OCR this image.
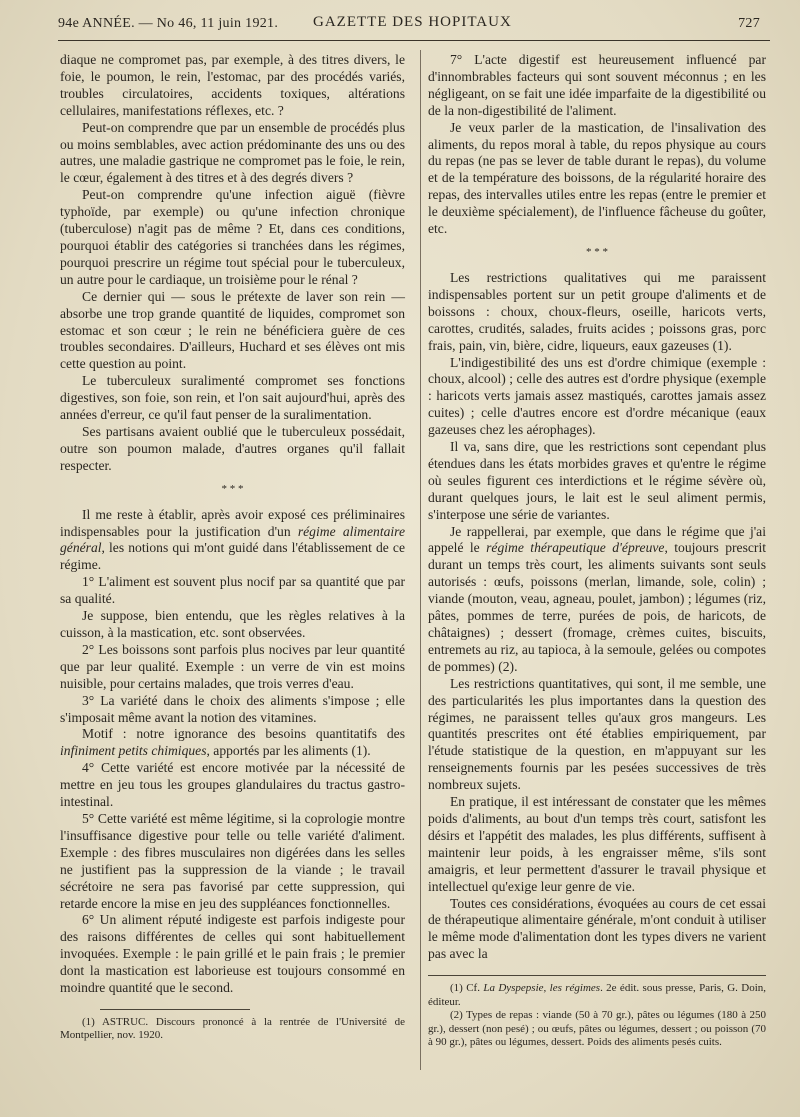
94e ANNÉE. — No 46, 11 juin 1921. GAZETTE DES HOPITAUX	727

diaque ne compromet pas, par exemple, à des titres divers, le foie, le poumon, le rein, l'estomac, par des procédés variés, troubles circulatoires, accidents toxiques, altérations cellulaires, manifestations réflexes, etc. ?

Peut-on comprendre que par un ensemble de procédés plus ou moins semblables, avec action prédominante des uns ou des autres, une maladie gastrique ne compromet pas le foie, le rein, le cœur, également à des titres et à des degrés divers ?

Peut-on comprendre qu'une infection aiguë (fièvre typhoïde, par exemple) ou qu'une infection chronique (tuberculose) n'agit pas de même ? Et, dans ces conditions, pourquoi établir des catégories si tranchées dans les régimes, pourquoi prescrire un régime tout spécial pour le tuberculeux, un autre pour le cardiaque, un troisième pour le rénal ?

Ce dernier qui — sous le prétexte de laver son rein — absorbe une trop grande quantité de liquides, compromet son estomac et son cœur ; le rein ne bénéficiera guère de ces troubles secondaires. D'ailleurs, Huchard et ses élèves ont mis cette question au point.

Le tuberculeux suralimenté compromet ses fonctions digestives, son foie, son rein, et l'on sait aujourd'hui, après des années d'erreur, ce qu'il faut penser de la suralimentation.

Ses partisans avaient oublié que le tuberculeux possédait, outre son poumon malade, d'autres organes qu'il fallait respecter.

* * *

Il me reste à établir, après avoir exposé ces préliminaires indispensables pour la justification d'un régime alimentaire général, les notions qui m'ont guidé dans l'établissement de ce régime.

1° L'aliment est souvent plus nocif par sa quantité que par sa qualité.

Je suppose, bien entendu, que les règles relatives à la cuisson, à la mastication, etc. sont observées.

2° Les boissons sont parfois plus nocives par leur quantité que par leur qualité. Exemple : un verre de vin est moins nuisible, pour certains malades, que trois verres d'eau.

3° La variété dans le choix des aliments s'impose ; elle s'imposait même avant la notion des vitamines.

Motif : notre ignorance des besoins quantitatifs des infiniment petits chimiques, apportés par les aliments (1).

4° Cette variété est encore motivée par la nécessité de mettre en jeu tous les groupes glandulaires du tractus gastro-intestinal.

5° Cette variété est même légitime, si la coprologie montre l'insuffisance digestive pour telle ou telle variété d'aliment. Exemple : des fibres musculaires non digérées dans les selles ne justifient pas la suppression de la viande ; le travail sécrétoire ne sera pas favorisé par cette suppression, qui retarde encore la mise en jeu des suppléances fonctionnelles.

6° Un aliment réputé indigeste est parfois indigeste pour des raisons différentes de celles qui sont habituellement invoquées. Exemple : le pain grillé et le pain frais ; le premier dont la mastication est laborieuse est toujours consommé en moindre quantité que le second.

(1) ASTRUC. Discours prononcé à la rentrée de l'Université de Montpellier, nov. 1920.

7° L'acte digestif est heureusement influencé par d'innombrables facteurs qui sont souvent méconnus ; en les négligeant, on se fait une idée imparfaite de la digestibilité ou de la non-digestibilité de l'aliment.

Je veux parler de la mastication, de l'insalivation des aliments, du repos moral à table, du repos physique au cours du repas (ne pas se lever de table durant le repas), du volume et de la température des boissons, de la régularité horaire des repas, des intervalles utiles entre les repas (entre le premier et le deuxième spécialement), de l'influence fâcheuse du goûter, etc.

* * *

Les restrictions qualitatives qui me paraissent indispensables portent sur un petit groupe d'aliments et de boissons : choux, choux-fleurs, oseille, haricots verts, carottes, crudités, salades, fruits acides ; poissons gras, porc frais, pain, vin, bière, cidre, liqueurs, eaux gazeuses (1).

L'indigestibilité des uns est d'ordre chimique (exemple : choux, alcool) ; celle des autres est d'ordre physique (exemple : haricots verts jamais assez mastiqués, carottes jamais assez cuites) ; celle d'autres encore est d'ordre mécanique (eaux gazeuses chez les aérophages).

Il va, sans dire, que les restrictions sont cependant plus étendues dans les états morbides graves et qu'entre le régime où seules figurent ces interdictions et le régime sévère où, durant quelques jours, le lait est le seul aliment permis, s'interpose une série de variantes.

Je rappellerai, par exemple, que dans le régime que j'ai appelé le régime thérapeutique d'épreuve, toujours prescrit durant un temps très court, les aliments suivants sont seuls autorisés : œufs, poissons (merlan, limande, sole, colin) ; viande (mouton, veau, agneau, poulet, jambon) ; légumes (riz, pâtes, pommes de terre, purées de pois, de haricots, de châtaignes) ; dessert (fromage, crèmes cuites, biscuits, entremets au riz, au tapioca, à la semoule, gelées ou compotes de pommes) (2).

Les restrictions quantitatives, qui sont, il me semble, une des particularités les plus importantes dans la question des régimes, ne paraissent telles qu'aux gros mangeurs. Les quantités prescrites ont été établies empiriquement, par l'étude statistique de la question, en m'appuyant sur les renseignements fournis par les pesées successives de très nombreux sujets.

En pratique, il est intéressant de constater que les mêmes poids d'aliments, au bout d'un temps très court, satisfont les désirs et l'appétit des malades, les plus différents, suffisent à maintenir leur poids, à les engraisser même, s'ils sont amaigris, et leur permettent d'assurer le travail physique et intellectuel qu'exige leur genre de vie.

Toutes ces considérations, évoquées au cours de cet essai de thérapeutique alimentaire générale, m'ont conduit à utiliser le même mode d'alimentation dont les types divers ne varient pas avec la

(1) Cf. La Dyspepsie, les régimes. 2e édit. sous presse, Paris, G. Doin, éditeur.

(2) Types de repas : viande (50 à 70 gr.), pâtes ou légumes (180 à 250 gr.), dessert (non pesé) ; ou œufs, pâtes ou légumes, dessert ; ou poisson (70 à 90 gr.), pâtes ou légumes, dessert. Poids des aliments pesés cuits.
